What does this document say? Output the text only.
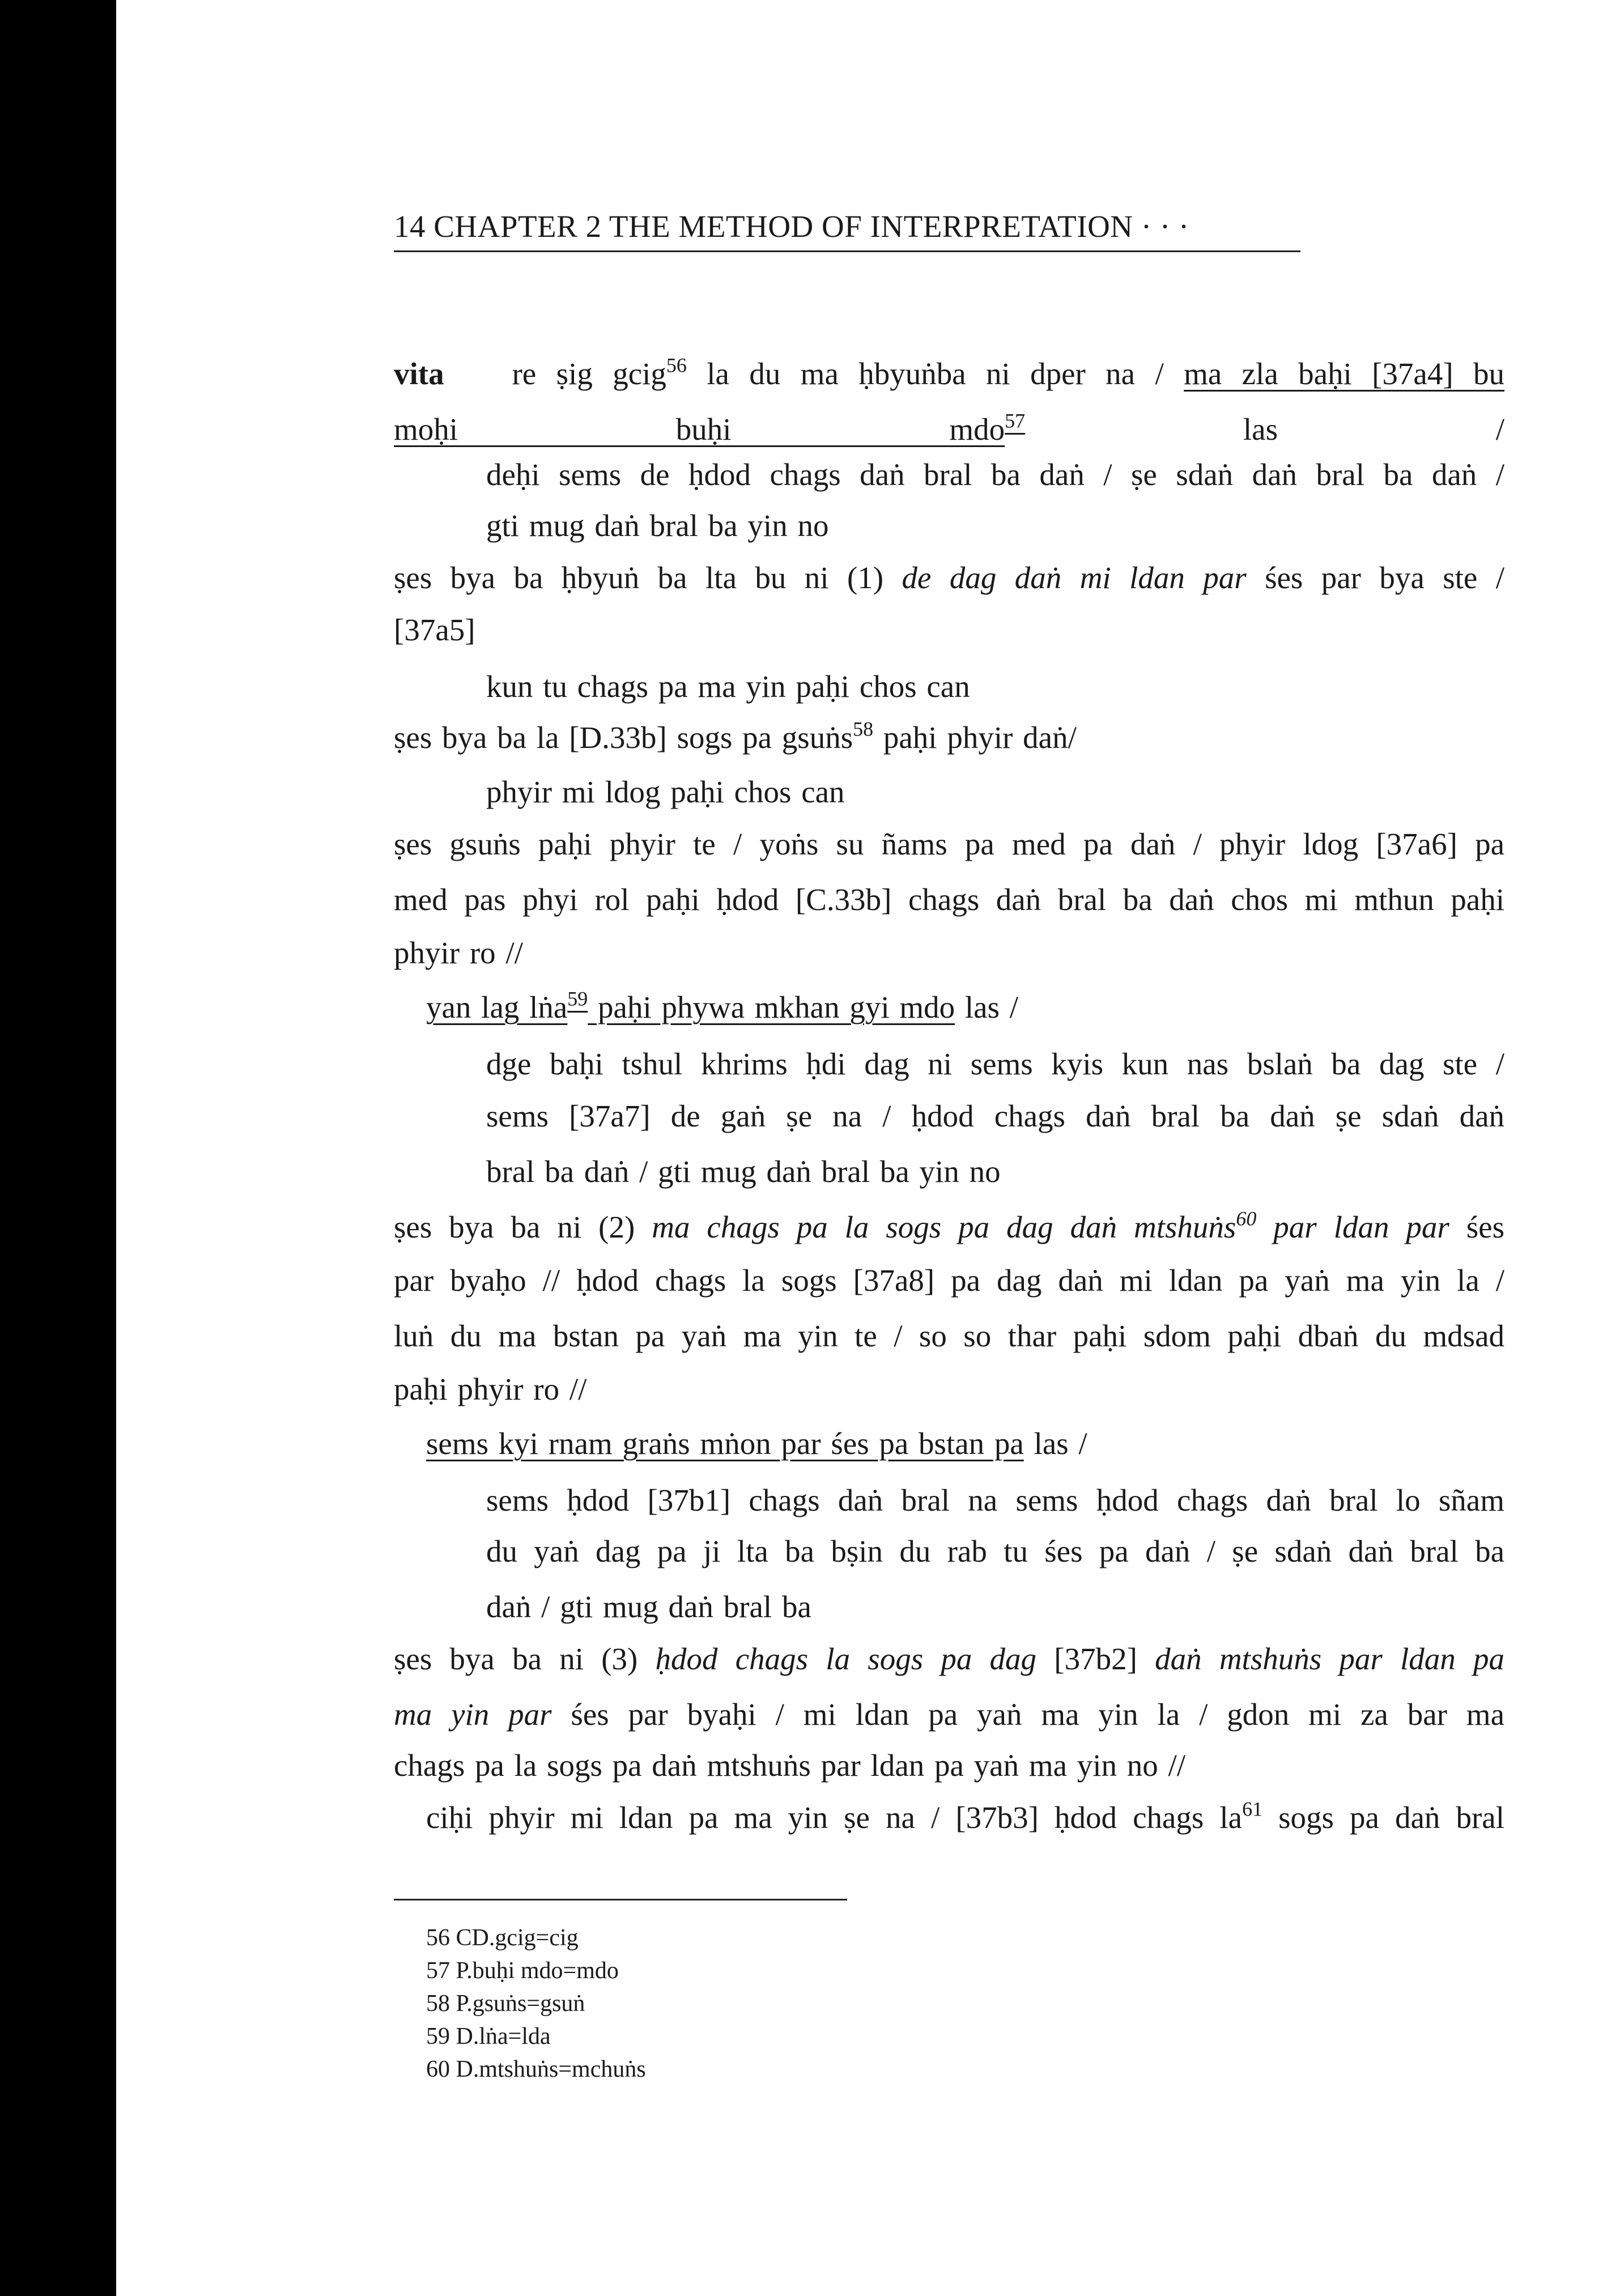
14 CHAPTER 2 THE METHOD OF INTERPRETATION · · ·
vita re ṣig gcig$^{56}$ la du ma ḥbyuṅba ni dper na / ma zla baḥi [37a4] bu
moḥi buḥi mdo$^{57}$ las /
deḥi sems de ḥdod chags daṅ bral ba daṅ / ṣe sdaṅ daṅ bral ba daṅ /
gti mug daṅ bral ba yin no
ṣes bya ba ḥbyuṅ ba lta bu ni (1) de dag daṅ mi ldan par śes par bya ste /
[37a5]
kun tu chags pa ma yin paḥi chos can
ṣes bya ba la [D.33b] sogs pa gsuṅs$^{58}$ paḥi phyir daṅ/
phyir mi ldog paḥi chos can
ṣes gsuṅs paḥi phyir te / yoṅs su ñams pa med pa daṅ / phyir ldog [37a6] pa
med pas phyi rol paḥi ḥdod [C.33b] chags daṅ bral ba daṅ chos mi mthun paḥi
phyir ro //
yan lag lṅa$^{59}$ paḥi phywa mkhan gyi mdo las /
dge baḥi tshul khrims ḥdi dag ni sems kyis kun nas bslaṅ ba dag ste /
sems [37a7] de gaṅ ṣe na / ḥdod chags daṅ bral ba daṅ ṣe sdaṅ daṅ
bral ba daṅ / gti mug daṅ bral ba yin no
ṣes bya ba ni (2) ma chags pa la sogs pa dag daṅ mtshuṅs$^{60}$ par ldan par śes
par byaḥo // ḥdod chags la sogs [37a8] pa dag daṅ mi ldan pa yaṅ ma yin la /
luṅ du ma bstan pa yaṅ ma yin te / so so thar paḥi sdom paḥi dbaṅ du mdsad
paḥi phyir ro //
sems kyi rnam graṅs mṅon par śes pa bstan pa las /
sems ḥdod [37b1] chags daṅ bral na sems ḥdod chags daṅ bral lo sñam
du yaṅ dag pa ji lta ba bṣin du rab tu śes pa daṅ / ṣe sdaṅ daṅ bral ba
daṅ / gti mug daṅ bral ba
ṣes bya ba ni (3) ḥdod chags la sogs pa dag [37b2] daṅ mtshuṅs par ldan pa
ma yin par śes par byaḥi / mi ldan pa yaṅ ma yin la / gdon mi za bar ma
chags pa la sogs pa daṅ mtshuṅs par ldan pa yaṅ ma yin no //
ciḥi phyir mi ldan pa ma yin ṣe na / [37b3] ḥdod chags $la^{61}$ sogs pa daṅ bral
56 CD.gcig=cig
57 P.buḥi mdo=mdo
58 P.gsuṅs=gsuṅ
59 D.lṅa=lda
60 D.mtshuṅs=mchuṅs
